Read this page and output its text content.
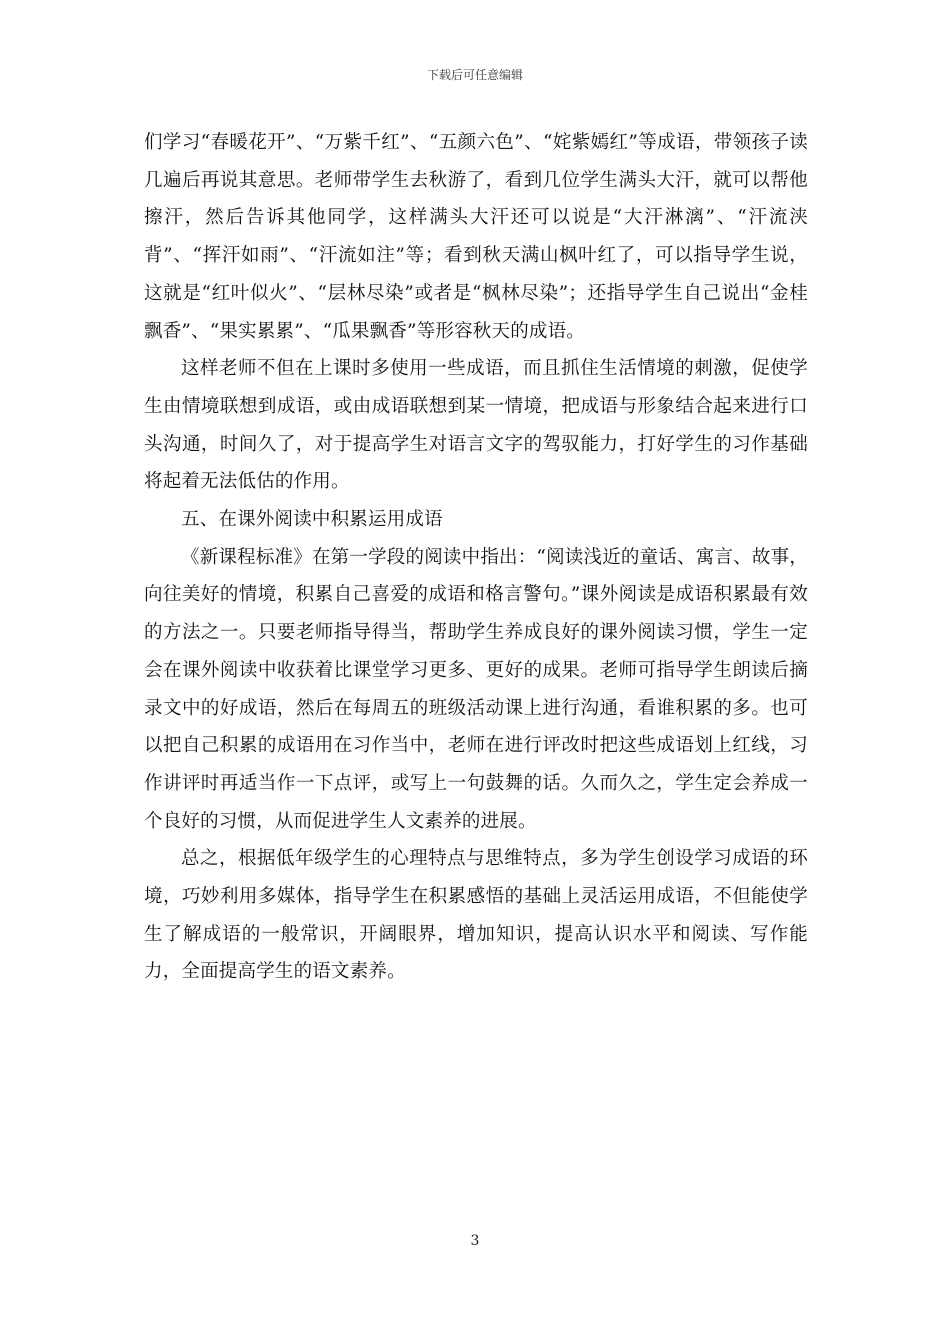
下载后可任意编辑

们学习“春暖花开”、“万紫千红”、“五颜六色”、“姹紫嫣红”等成语，带领孩子读几遍后再说其意思。老师带学生去秋游了，看到几位学生满头大汗，就可以帮他擦汗，然后告诉其他同学，这样满头大汗还可以说是“大汗淋漓”、“汗流浃背”、“挥汗如雨”、“汗流如注”等；看到秋天满山枫叶红了，可以指导学生说，这就是“红叶似火”、“层林尽染”或者是“枫林尽染”；还指导学生自己说出“金桂飘香”、“果实累累”、“瓜果飘香”等形容秋天的成语。

这样老师不但在上课时多使用一些成语，而且抓住生活情境的刺激，促使学生由情境联想到成语，或由成语联想到某一情境，把成语与形象结合起来进行口头沟通，时间久了，对于提高学生对语言文字的驾驭能力，打好学生的习作基础将起着无法低估的作用。

五、在课外阅读中积累运用成语

《新课程标准》在第一学段的阅读中指出：“阅读浅近的童话、寓言、故事，向往美好的情境，积累自己喜爱的成语和格言警句。”课外阅读是成语积累最有效的方法之一。只要老师指导得当，帮助学生养成良好的课外阅读习惯，学生一定会在课外阅读中收获着比课堂学习更多、更好的成果。老师可指导学生朗读后摘录文中的好成语，然后在每周五的班级活动课上进行沟通，看谁积累的多。也可以把自己积累的成语用在习作当中，老师在进行评改时把这些成语划上红线，习作讲评时再适当作一下点评，或写上一句鼓舞的话。久而久之，学生定会养成一个良好的习惯，从而促进学生人文素养的进展。

总之，根据低年级学生的心理特点与思维特点，多为学生创设学习成语的环境，巧妙利用多媒体，指导学生在积累感悟的基础上灵活运用成语，不但能使学生了解成语的一般常识，开阔眼界，增加知识，提高认识水平和阅读、写作能力，全面提高学生的语文素养。

3
